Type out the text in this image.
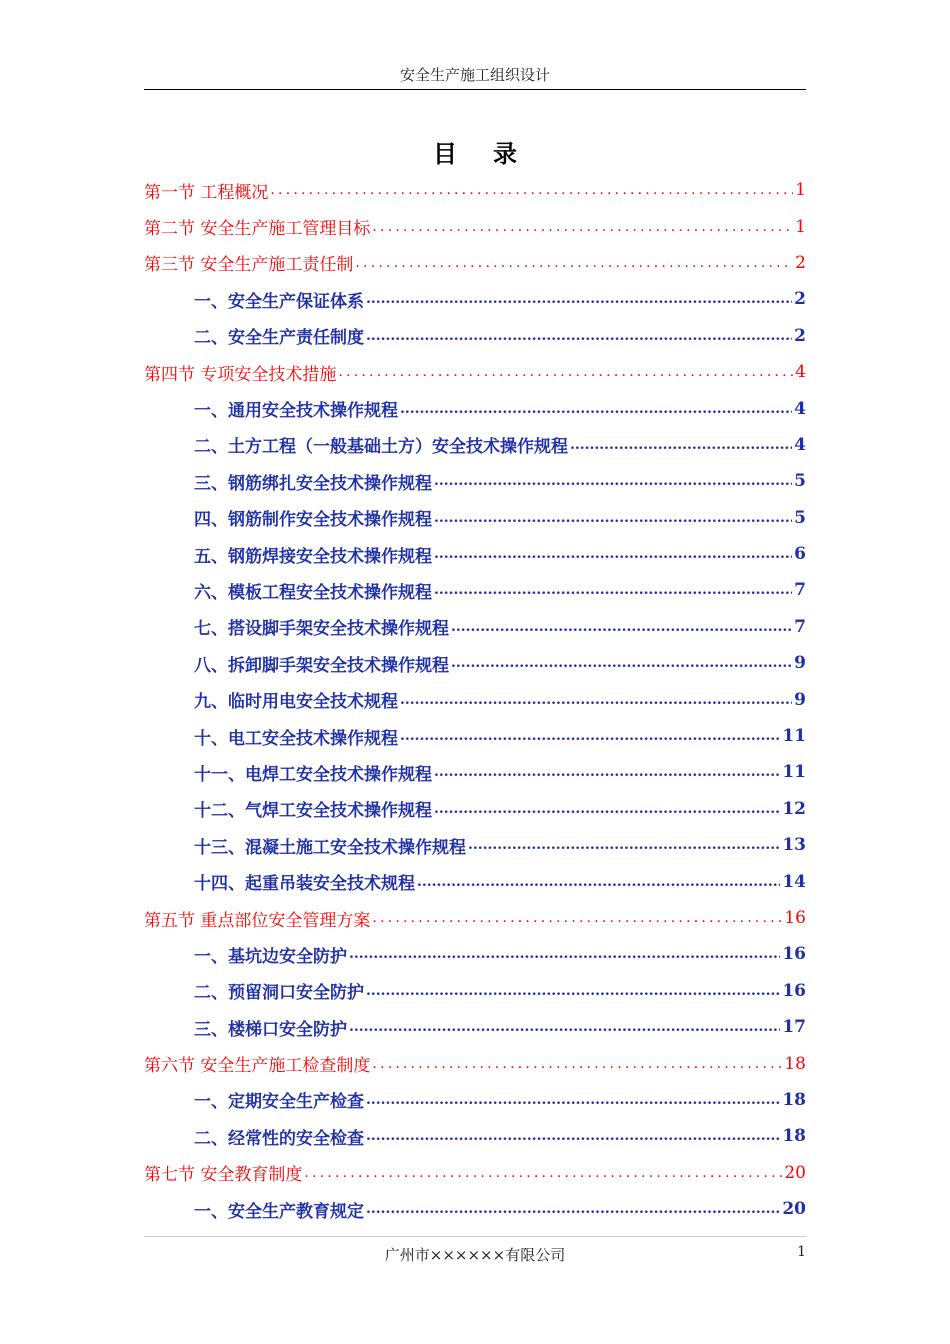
安全生产施工组织设计
目录
第一节 工程概况 .....	1
第二节 安全生产施工管理目标 .....	1
第三节 安全生产施工责任制 .....	2
一、安全生产保证体系 .....	2
二、安全生产责任制度 .....	2
第四节 专项安全技术措施 .....	4
一、通用安全技术操作规程 .....	4
二、土方工程（一般基础土方）安全技术操作规程 .....	4
三、钢筋绑扎安全技术操作规程 .....	5
四、钢筋制作安全技术操作规程 .....	5
五、钢筋焊接安全技术操作规程 .....	6
六、模板工程安全技术操作规程 .....	7
七、搭设脚手架安全技术操作规程 .....	7
八、拆卸脚手架安全技术操作规程 .....	9
九、临时用电安全技术规程 .....	9
十、电工安全技术操作规程 .....	11
十一、电焊工安全技术操作规程 .....	11
十二、气焊工安全技术操作规程 .....	12
十三、混凝土施工安全技术操作规程 .....	13
十四、起重吊装安全技术规程 .....	14
第五节 重点部位安全管理方案 .....	16
一、基坑边安全防护 .....	16
二、预留洞口安全防护 .....	16
三、楼梯口安全防护 .....	17
第六节 安全生产施工检查制度 .....	18
一、定期安全生产检查 .....	18
二、经常性的安全检查 .....	18
第七节 安全教育制度 .....	20
一、安全生产教育规定 .....	20
广州市××××××有限公司	1
